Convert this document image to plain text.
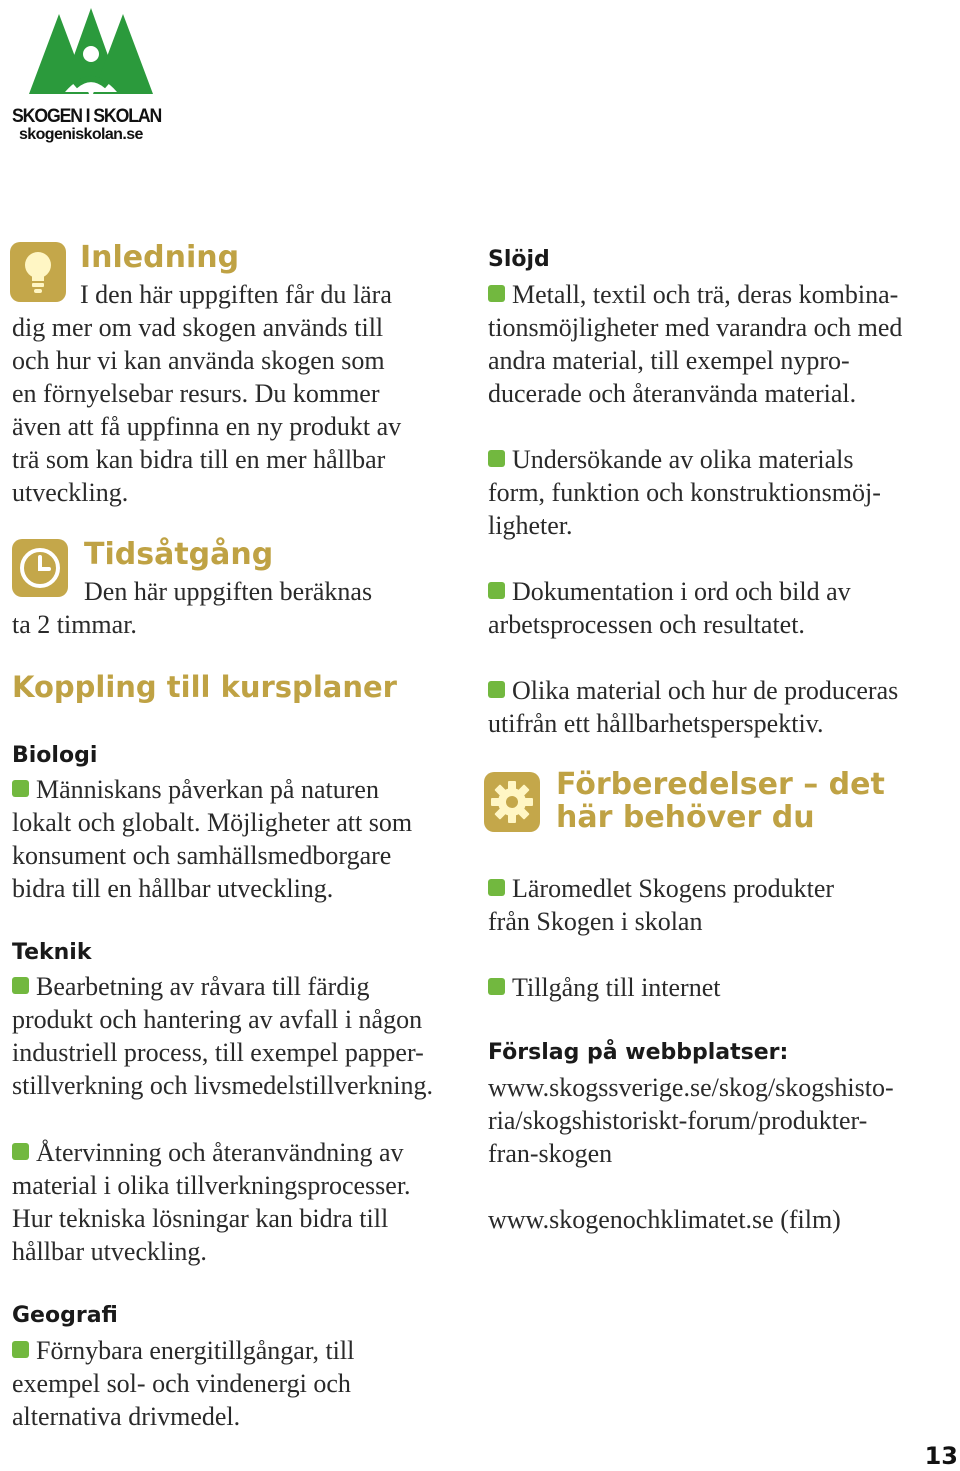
SKOGEN I SKOLAN
skogeniskolan.se
Inledning
I den här uppgiften får du lära
dig mer om vad skogen används till
och hur vi kan använda skogen som
en förnyelsebar resurs. Du kommer
även att få uppfinna en ny produkt av
trä som kan bidra till en mer hållbar
utveckling.
Tidsåtgång
Den här uppgiften beräknas
ta 2 timmar.
Koppling till kursplaner
Biologi
Människans påverkan på naturen
lokalt och globalt. Möjligheter att som
konsument och samhällsmedborgare
bidra till en hållbar utveckling.
Teknik
Bearbetning av råvara till färdig
produkt och hantering av avfall i någon
industriell process, till exempel papper-
stillverkning och livsmedelstillverkning.
Återvinning och återanvändning av
material i olika tillverkningsprocesser.
Hur tekniska lösningar kan bidra till
hållbar utveckling.
Geografi
Förnybara energitillgångar, till
exempel sol- och vindenergi och
alternativa drivmedel.
Slöjd
Metall, textil och trä, deras kombina-
tionsmöjligheter med varandra och med
andra material, till exempel nypro-
ducerade och återanvända material.
Undersökande av olika materials
form, funktion och konstruktionsmöj-
ligheter.
Dokumentation i ord och bild av
arbetsprocessen och resultatet.
Olika material och hur de produceras
utifrån ett hållbarhetsperspektiv.
Förberedelser – det
här behöver du
Läromedlet Skogens produkter
från Skogen i skolan
Tillgång till internet
Förslag på webbplatser:
www.skogssverige.se/skog/skogshisto-
ria/skogshistoriskt-forum/produkter-
fran-skogen
www.skogenochklimatet.se (film)
13
